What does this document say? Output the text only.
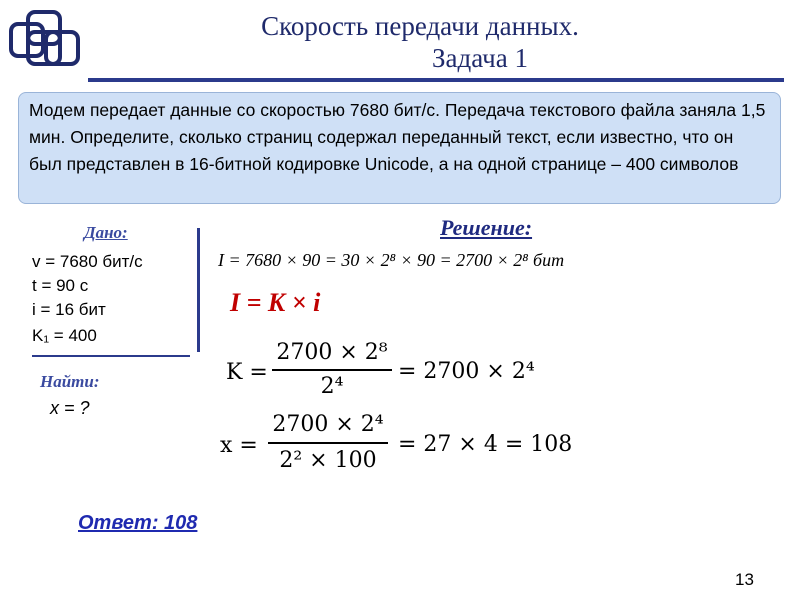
Скорость передачи данных.
Задача 1
Модем передает данные со скоростью 7680 бит/с. Передача текстового файла заняла 1,5 мин. Определите, сколько страниц содержал переданный текст, если известно, что он был представлен в 16-битной кодировке Unicode, а на одной странице – 400 символов
Дано:
v = 7680 бит/с
t = 90 с
i = 16 бит
K₁ = 400
Найти:
x = ?
Решение:
I = 7680 × 90 = 30 × 2⁸ × 90 = 2700 × 2⁸ бит
I = K × i
K =
2700 × 2⁸
2⁴
= 2700 × 2⁴
x =
2700 × 2⁴
2² × 100
= 27 × 4 = 108
Ответ: 108
13
